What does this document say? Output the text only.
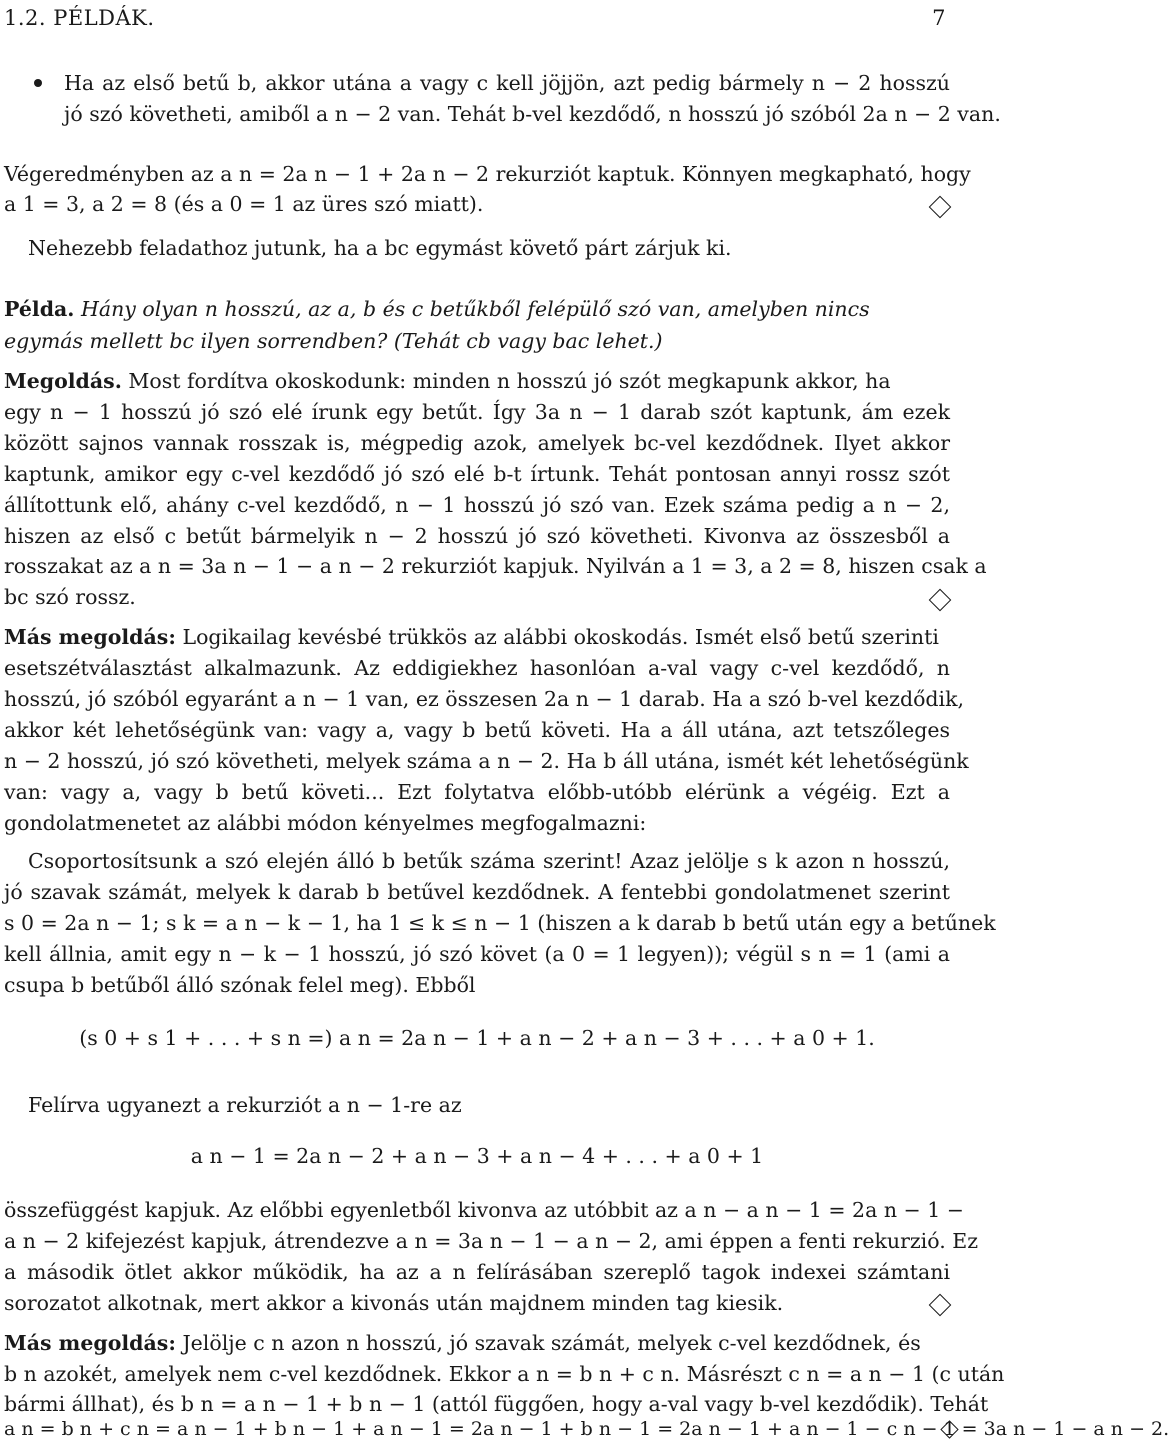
1.2. PÉLDÁK.	7
Ha az első betű b, akkor utána a vagy c kell jöjjön, azt pedig bármely n − 2 hosszú
jó szó követheti, amiből a n − 2 van. Tehát b-vel kezdődő, n hosszú jó szóból 2a n − 2 van.
Végeredményben az a n = 2a n − 1 + 2a n − 2 rekurziót kaptuk. Könnyen megkapható, hogy
a 1 = 3, a 2 = 8 (és a 0 = 1 az üres szó miatt).
Nehezebb feladathoz jutunk, ha a bc egymást követő párt zárjuk ki.
Példa. Hány olyan n hosszú, az a, b és c betűkből felépülő szó van, amelyben nincs
egymás mellett bc ilyen sorrendben? (Tehát cb vagy bac lehet.)
Megoldás. Most fordítva okoskodunk: minden n hosszú jó szót megkapunk akkor, ha
egy n − 1 hosszú jó szó elé írunk egy betűt. Így 3a n − 1 darab szót kaptunk, ám ezek
között sajnos vannak rosszak is, mégpedig azok, amelyek bc-vel kezdődnek. Ilyet akkor
kaptunk, amikor egy c-vel kezdődő jó szó elé b-t írtunk. Tehát pontosan annyi rossz szót
állítottunk elő, ahány c-vel kezdődő, n − 1 hosszú jó szó van. Ezek száma pedig a n − 2,
hiszen az első c betűt bármelyik n − 2 hosszú jó szó követheti. Kivonva az összesből a
rosszakat az a n = 3a n − 1 − a n − 2 rekurziót kapjuk. Nyilván a 1 = 3, a 2 = 8, hiszen csak a
bc szó rossz.
Más megoldás: Logikailag kevésbé trükkös az alábbi okoskodás. Ismét első betű szerinti
esetszétválasztást alkalmazunk. Az eddigiekhez hasonlóan a-val vagy c-vel kezdődő, n
hosszú, jó szóból egyaránt a n − 1 van, ez összesen 2a n − 1 darab. Ha a szó b-vel kezdődik,
akkor két lehetőségünk van: vagy a, vagy b betű követi. Ha a áll utána, azt tetszőleges
n − 2 hosszú, jó szó követheti, melyek száma a n − 2. Ha b áll utána, ismét két lehetőségünk
van: vagy a, vagy b betű követi... Ezt folytatva előbb-utóbb elérünk a végéig. Ezt a
gondolatmenetet az alábbi módon kényelmes megfogalmazni:
Csoportosítsunk a szó elején álló b betűk száma szerint! Azaz jelölje s k azon n hosszú,
jó szavak számát, melyek k darab b betűvel kezdődnek. A fentebbi gondolatmenet szerint
s 0 = 2a n − 1; s k = a n − k − 1, ha 1 ≤ k ≤ n − 1 (hiszen a k darab b betű után egy a betűnek
kell állnia, amit egy n − k − 1 hosszú, jó szó követ (a 0 = 1 legyen)); végül s n = 1 (ami a
csupa b betűből álló szónak felel meg). Ebből
(s 0 + s 1 + . . . + s n =) a n = 2a n − 1 + a n − 2 + a n − 3 + . . . + a 0 + 1.
Felírva ugyanezt a rekurziót a n − 1-re az
a n − 1 = 2a n − 2 + a n − 3 + a n − 4 + . . . + a 0 + 1
összefüggést kapjuk. Az előbbi egyenletből kivonva az utóbbit az a n − a n − 1 = 2a n − 1 −
a n − 2 kifejezést kapjuk, átrendezve a n = 3a n − 1 − a n − 2, ami éppen a fenti rekurzió. Ez
a második ötlet akkor működik, ha az a n felírásában szereplő tagok indexei számtani
sorozatot alkotnak, mert akkor a kivonás után majdnem minden tag kiesik.
Más megoldás: Jelölje c n azon n hosszú, jó szavak számát, melyek c-vel kezdődnek, és
b n azokét, amelyek nem c-vel kezdődnek. Ekkor a n = b n + c n. Másrészt c n = a n − 1 (c után
bármi állhat), és b n = a n − 1 + b n − 1 (attól függően, hogy a-val vagy b-vel kezdődik). Tehát
a n = b n + c n = a n − 1 + b n − 1 + a n − 1 = 2a n − 1 + b n − 1 = 2a n − 1 + a n − 1 − c n − 1 = 3a n − 1 − a n − 2.
